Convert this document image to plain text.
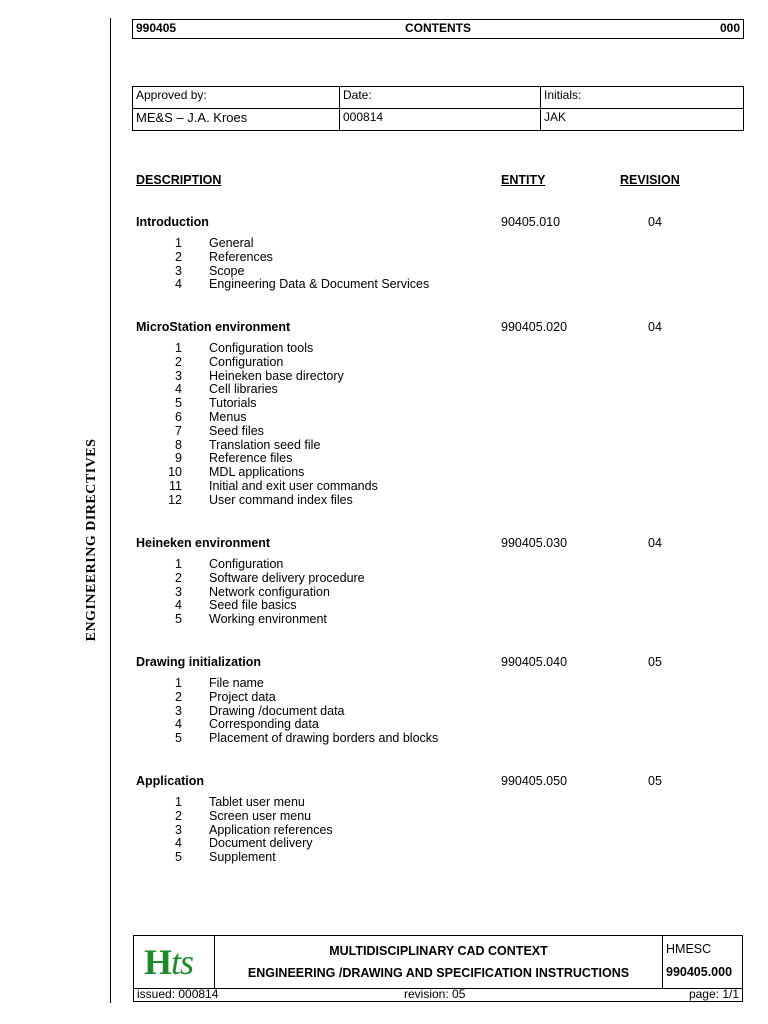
ENGINEERING DIRECTIVES
990405	CONTENTS	000
Approved by:	Date:	Initials:
ME&S – J.A. Kroes	000814	JAK
DESCRIPTION	ENTITY	REVISION
Introduction	90405.010	04
1 General
2 References
3 Scope
4 Engineering Data & Document Services
MicroStation environment	990405.020	04
1 Configuration tools
2 Configuration
3 Heineken base directory
4 Cell libraries
5 Tutorials
6 Menus
7 Seed files
8 Translation seed file
9 Reference files
10 MDL applications
11 Initial and exit user commands
12 User command index files
Heineken environment	990405.030	04
1 Configuration
2 Software delivery procedure
3 Network configuration
4 Seed file basics
5 Working environment
Drawing initialization	990405.040	05
1 File name
2 Project data
3 Drawing /document data
4 Corresponding data
5 Placement of drawing borders and blocks
Application	990405.050	05
1 Tablet user menu
2 Screen user menu
3 Application references
4 Document delivery
5 Supplement
Hts	MULTIDISCIPLINARY CAD CONTEXT
ENGINEERING /DRAWING AND SPECIFICATION INSTRUCTIONS
HMESC
990405.000
issued: 000814	revision: 05	page: 1/1
